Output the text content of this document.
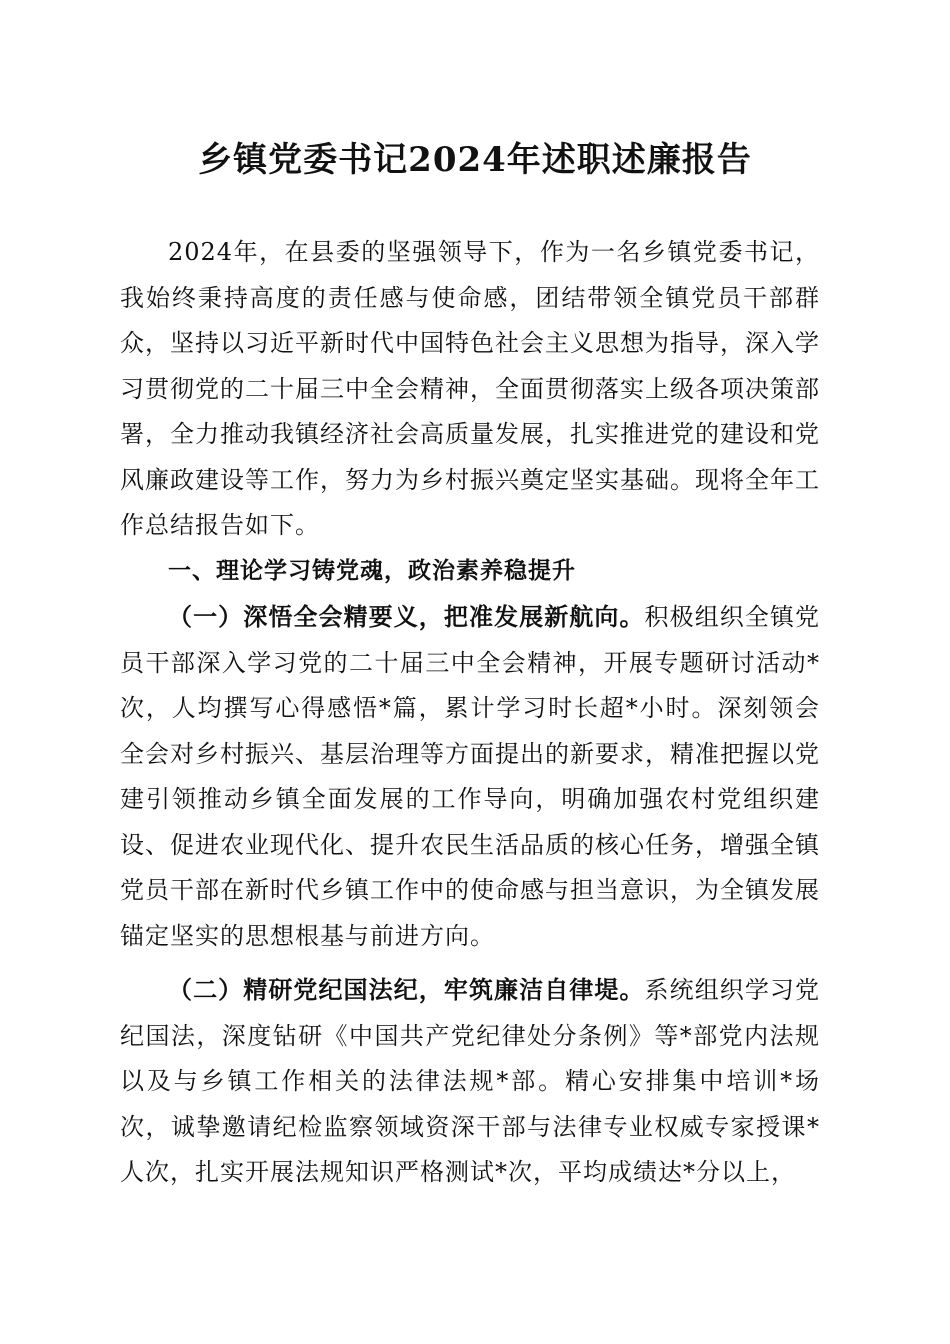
乡镇党委书记2024年述职述廉报告

2024年，在县委的坚强领导下，作为一名乡镇党委书记，我始终秉持高度的责任感与使命感，团结带领全镇党员干部群众，坚持以习近平新时代中国特色社会主义思想为指导，深入学习贯彻党的二十届三中全会精神，全面贯彻落实上级各项决策部署，全力推动我镇经济社会高质量发展，扎实推进党的建设和党风廉政建设等工作，努力为乡村振兴奠定坚实基础。现将全年工作总结报告如下。

一、理论学习铸党魂，政治素养稳提升

（一）深悟全会精要义，把准发展新航向。积极组织全镇党员干部深入学习党的二十届三中全会精神，开展专题研讨活动*次，人均撰写心得感悟*篇，累计学习时长超*小时。深刻领会全会对乡村振兴、基层治理等方面提出的新要求，精准把握以党建引领推动乡镇全面发展的工作导向，明确加强农村党组织建设、促进农业现代化、提升农民生活品质的核心任务，增强全镇党员干部在新时代乡镇工作中的使命感与担当意识，为全镇发展锚定坚实的思想根基与前进方向。

（二）精研党纪国法纪，牢筑廉洁自律堤。系统组织学习党纪国法，深度钻研《中国共产党纪律处分条例》等*部党内法规以及与乡镇工作相关的法律法规*部。精心安排集中培训*场次，诚挚邀请纪检监察领域资深干部与法律专业权威专家授课*人次，扎实开展法规知识严格测试*次，平均成绩达*分以上，
